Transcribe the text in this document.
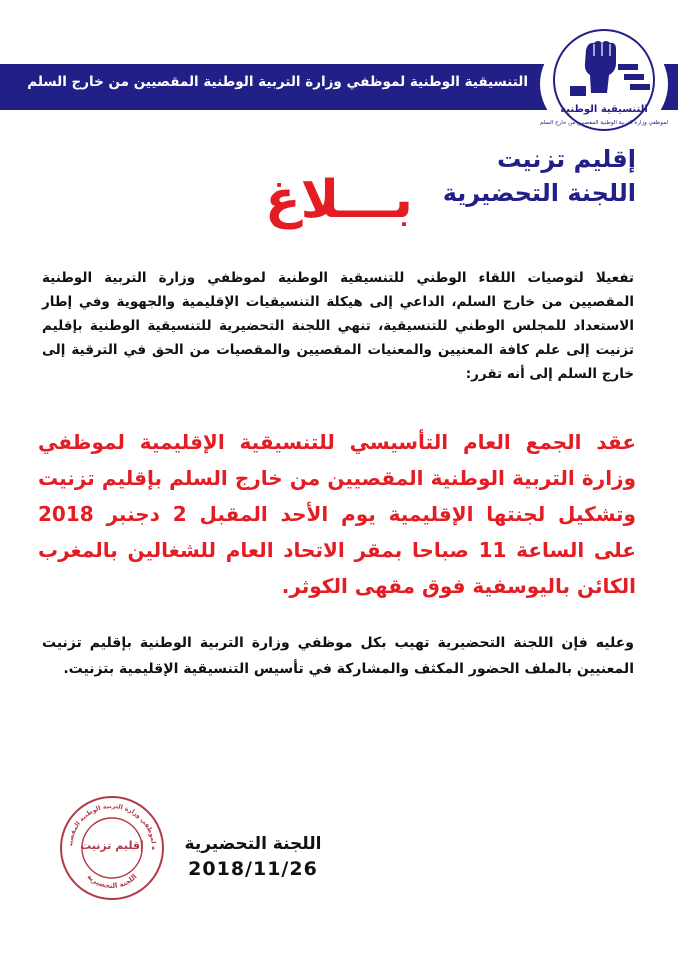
التنسيقية الوطنية لموظفي وزارة التربية الوطنية المقصيين من خارج السلم
التنسيقية الوطنية
لموظفي وزارة التربية الوطنية المقصيين من خارج السلم
إقليم تزنيت
اللجنة التحضيرية
بـــلاغ

تفعيلا لتوصيات اللقاء الوطني للتنسيقية الوطنية لموظفي وزارة التربية الوطنية المقصيين من خارج السلم، الداعي إلى هيكلة التنسيقيات الإقليمية والجهوية وفي إطار الاستعداد للمجلس الوطني للتنسيقية، تنهي اللجنة التحضيرية للتنسيقية الوطنية بإقليم تزنيت إلى علم كافة المعنيين والمعنيات المقصيين والمقصيات من الحق في الترقية إلى خارج السلم إلى أنه تقرر:

عقد الجمع العام التأسيسي للتنسيقية الإقليمية لموظفي وزارة التربية الوطنية المقصيين من خارج السلم بإقليم تزنيت وتشكيل لجنتها الإقليمية يوم الأحد المقبل 2 دجنبر 2018 على الساعة 11 صباحا بمقر الاتحاد العام للشغالين بالمغرب الكائن باليوسفية فوق مقهى الكوثر.

وعليه فإن اللجنة التحضيرية تهيب بكل موظفي وزارة التربية الوطنية بإقليم تزنيت المعنيين بالملف الحضور المكثف والمشاركة في تأسيس التنسيقية الإقليمية بتزنيت.

ة لموظفي وزارة التربية الوطنية المقصيي
اللجنة التحضيرية
إقليم تزنيت	اللجنة التحضيرية
2018/11/26
